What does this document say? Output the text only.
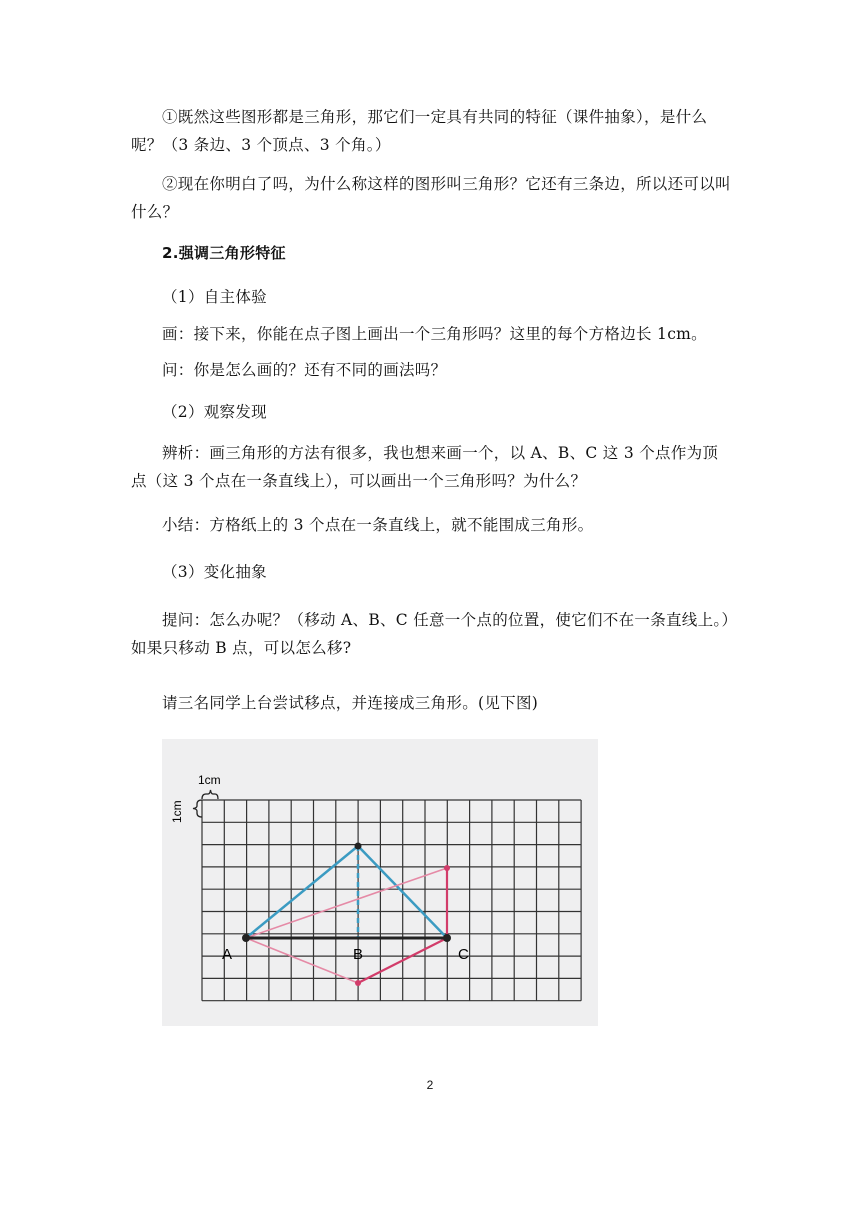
①既然这些图形都是三角形，那它们一定具有共同的特征（课件抽象），是什么呢？（3 条边、3 个顶点、3 个角。）

②现在你明白了吗，为什么称这样的图形叫三角形？它还有三条边，所以还可以叫什么？

2.强调三角形特征

（1）自主体验

画：接下来，你能在点子图上画出一个三角形吗？这里的每个方格边长 1cm。

问：你是怎么画的？还有不同的画法吗？

（2）观察发现

辨析：画三角形的方法有很多，我也想来画一个，以 A、B、C 这 3 个点作为顶点（这 3 个点在一条直线上），可以画出一个三角形吗？为什么？

小结：方格纸上的 3 个点在一条直线上，就不能围成三角形。

（3）变化抽象

提问：怎么办呢？（移动 A、B、C 任意一个点的位置，使它们不在一条直线上。）如果只移动 B 点，可以怎么移?

请三名同学上台尝试移点，并连接成三角形。(见下图)

1cm
1cm
A	B	C
2
